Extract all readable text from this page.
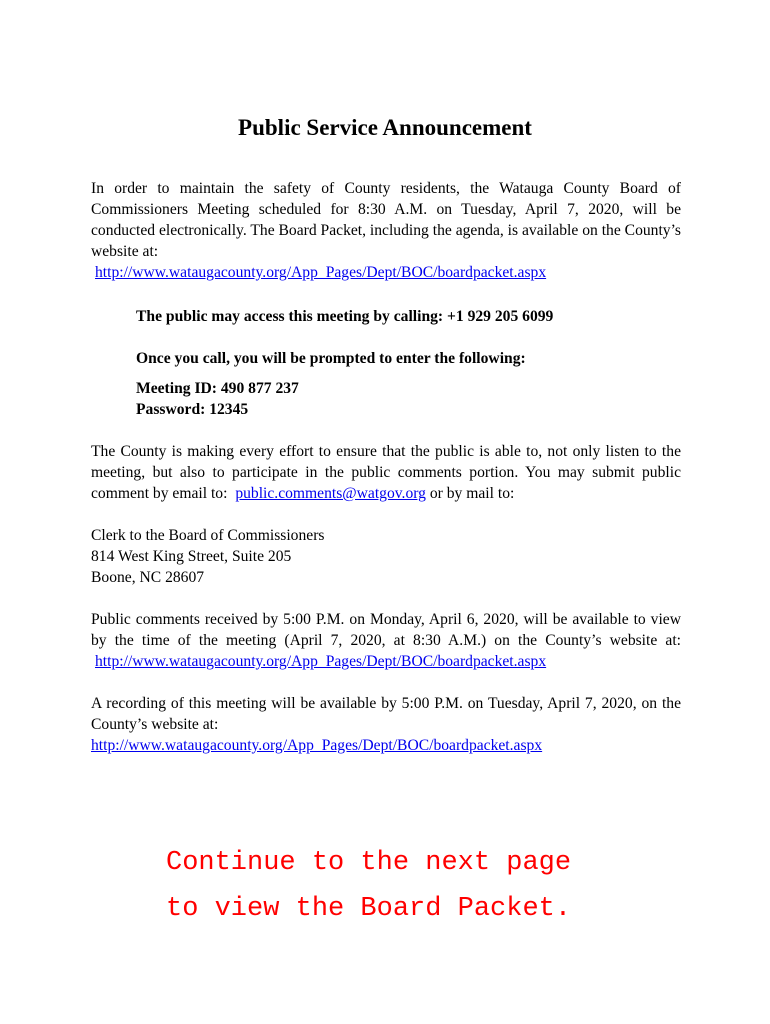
Public Service Announcement
In order to maintain the safety of County residents, the Watauga County Board of Commissioners Meeting scheduled for 8:30 A.M. on Tuesday, April 7, 2020, will be conducted electronically. The Board Packet, including the agenda, is available on the County’s website at:
http://www.wataugacounty.org/App_Pages/Dept/BOC/boardpacket.aspx
The public may access this meeting by calling: +1 929 205 6099
Once you call, you will be prompted to enter the following:
Meeting ID: 490 877 237
Password: 12345
The County is making every effort to ensure that the public is able to, not only listen to the meeting, but also to participate in the public comments portion. You may submit public comment by email to: public.comments@watgov.org or by mail to:
Clerk to the Board of Commissioners
814 West King Street, Suite 205
Boone, NC 28607
Public comments received by 5:00 P.M. on Monday, April 6, 2020, will be available to view by the time of the meeting (April 7, 2020, at 8:30 A.M.) on the County’s website at: http://www.wataugacounty.org/App_Pages/Dept/BOC/boardpacket.aspx
A recording of this meeting will be available by 5:00 P.M. on Tuesday, April 7, 2020, on the County’s website at:
http://www.wataugacounty.org/App_Pages/Dept/BOC/boardpacket.aspx
Continue to the next page
to view the Board Packet.
